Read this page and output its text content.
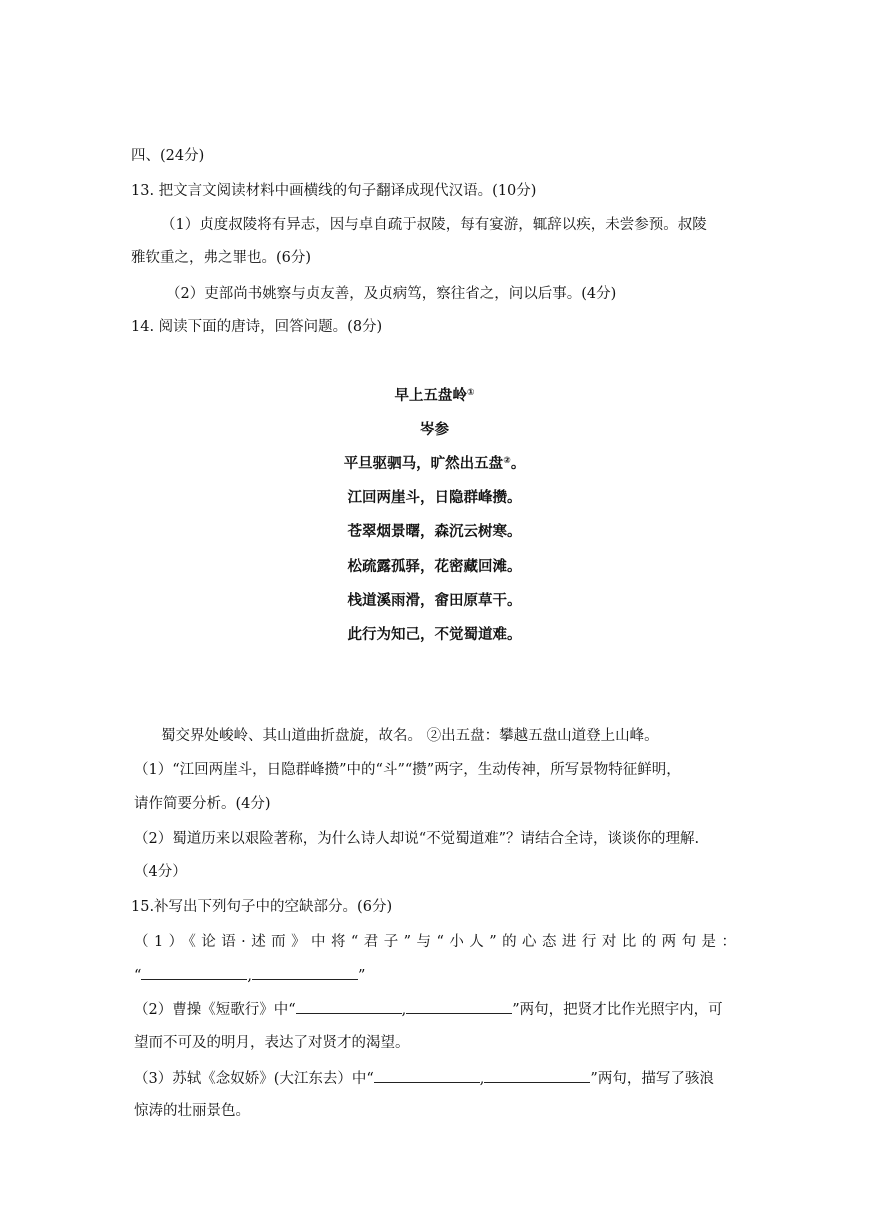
四、(24分)
13. 把文言文阅读材料中画横线的句子翻译成现代汉语。(10分)
（1）贞度叔陵将有异志，因与卓自疏于叔陵，每有宴游，辄辞以疾，未尝参预。叔陵
雅钦重之，弗之罪也。(6分)
（2）吏部尚书姚察与贞友善，及贞病笃，察往省之，问以后事。(4分)
14. 阅读下面的唐诗，回答问题。(8分)
早上五盘岭①
岑参
平旦驱驷马，旷然出五盘②。
江回两崖斗，日隐群峰攒。
苍翠烟景曙，森沉云树寒。
松疏露孤驿，花密藏回滩。
栈道溪雨滑，畲田原草干。
此行为知己，不觉蜀道难。
蜀交界处峻岭、其山道曲折盘旋，故名。 ②出五盘：攀越五盘山道登上山峰。
（1）“江回两崖斗，日隐群峰攒”中的“斗”“攒”两字，生动传神，所写景物特征鲜明，
请作简要分析。(4分)
（2）蜀道历来以艰险著称，为什么诗人却说“不觉蜀道难”？请结合全诗，谈谈你的理解.
（4分）
15.补写出下列句子中的空缺部分。(6分)
（1）《论语·述而》中将“君子”与“小人”的心态进行对比的两句是：
“	,	”
（2）曹操《短歌行》中“	,	”两句，把贤才比作光照宇内，可
望而不可及的明月，表达了对贤才的渴望。
（3）苏轼《念奴娇》(大江东去）中“	,	”两句，描写了骇浪
惊涛的壮丽景色。
